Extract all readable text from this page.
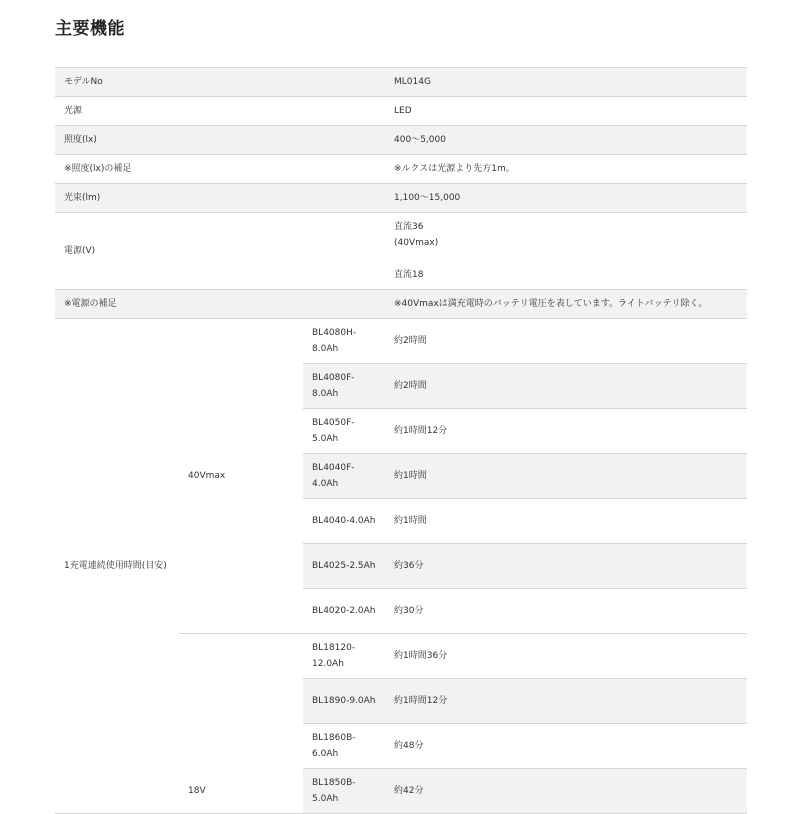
主要機能
モデルNo			ML014G
光源			LED
照度(lx)			400〜5,000
※照度(lx)の補足			※ルクスは光源より先方1m。
光束(lm)			1,100〜15,000
電源(V)			直流36
(40Vmax)
直流18

※電源の補足			※40Vmaxは満充電時のバッテリ電圧を表しています。ライトバッテリ除く。
1充電連続使用時間(目安)	40Vmax	BL4080H-8.0Ah	約2時間
		BL4080F-8.0Ah	約2時間
		BL4050F-5.0Ah	約1時間12分
		BL4040F-4.0Ah	約1時間
		BL4040-4.0Ah	約1時間
		BL4025-2.5Ah	約36分
		BL4020-2.0Ah	約30分
	18V	BL18120-12.0Ah	約1時間36分
		BL1890-9.0Ah	約1時間12分
		BL1860B-6.0Ah	約48分
		BL1850B-5.0Ah	約42分
